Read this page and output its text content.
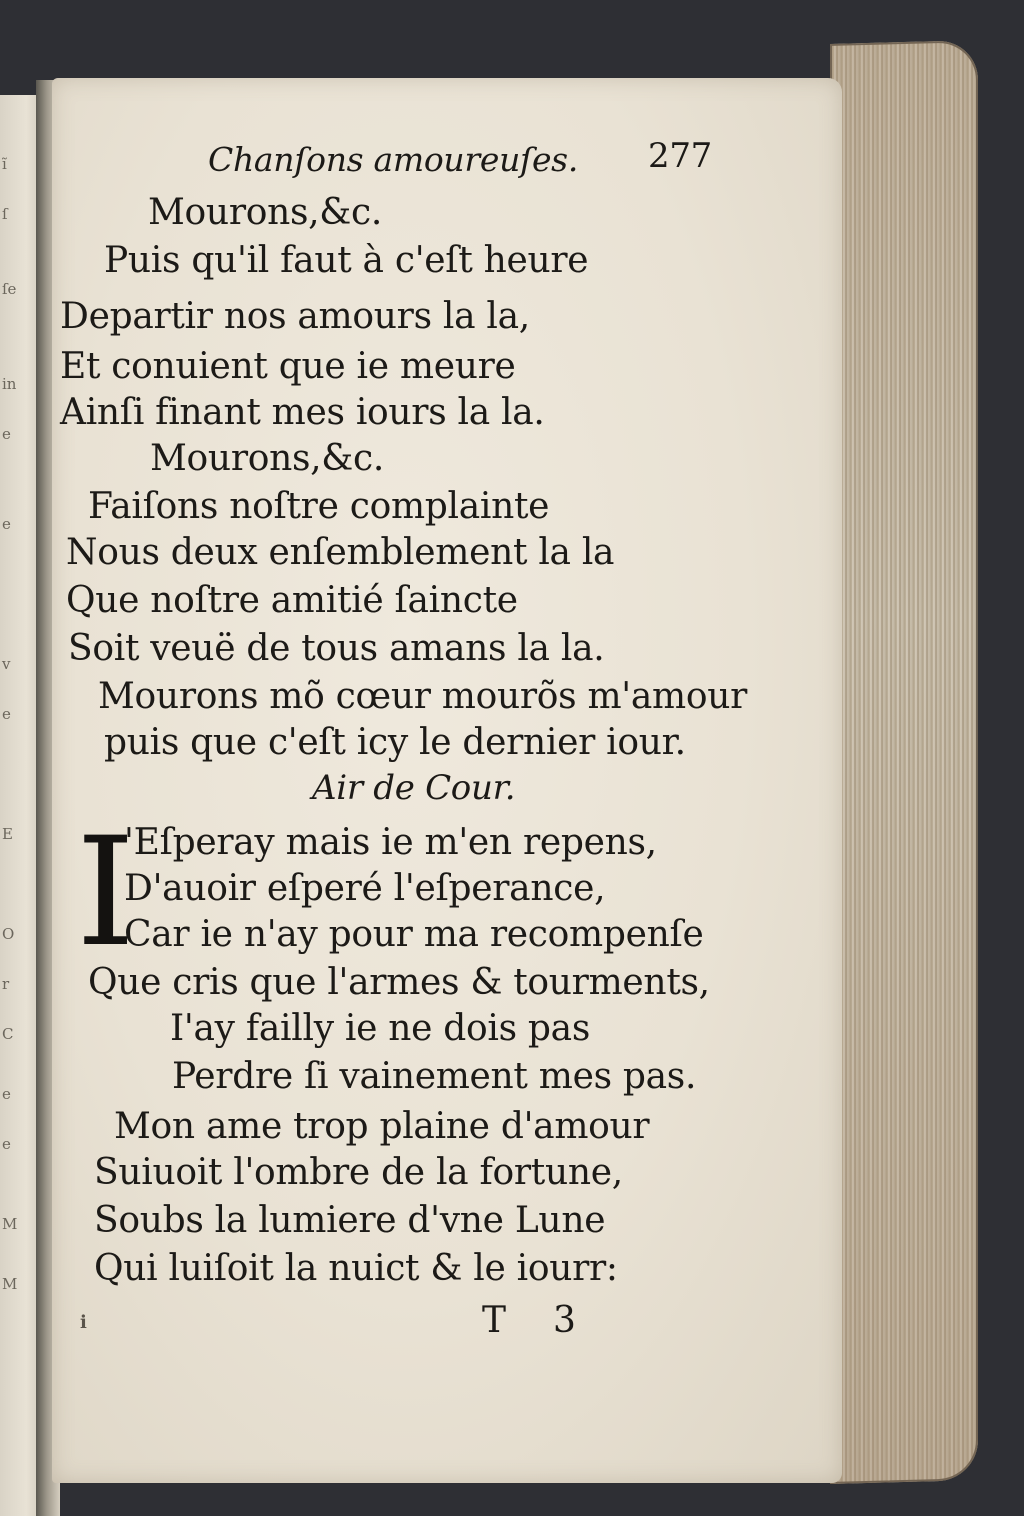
ĩ
ſ
ſe
in
e
e
v
e
E
O
r
C
e
e
M
M
Chanſons amoureuſes. 277
Mourons,&c.
Puis qu'il faut à c'eſt heure
Departir nos amours la la,
Et conuient que ie meure
Ainſi finant mes iours la la.
Mourons,&c.
Faiſons noſtre complainte
Nous deux enſemblement la la
Que noſtre amitié ſaincte
Soit veuë de tous amans la la.
Mourons mõ cœur mourõs m'amour
puis que c'eſt icy le dernier iour.
Air de Cour.
I
'Eſperay mais ie m'en repens,
D'auoir eſperé l'eſperance,
Car ie n'ay pour ma recompenſe
Que cris que l'armes & tourments,
I'ay failly ie ne dois pas
Perdre ſi vainement mes pas.
Mon ame trop plaine d'amour
Suiuoit l'ombre de la fortune,
Soubs la lumiere d'vne Lune
Qui luiſoit la nuict & le iourr:
T 3
ℹ
